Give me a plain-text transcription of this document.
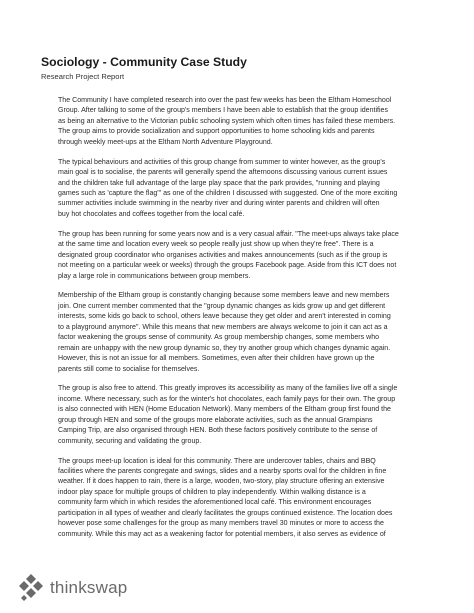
Sociology - Community Case Study
Research Project Report

The Community I have completed research into over the past few weeks has been the Eltham Homeschool
Group. After talking to some of the group's members I have been able to establish that the group identifies
as being an alternative to the Victorian public schooling system which often times has failed these members.
The group aims to provide socialization and support opportunities to home schooling kids and parents
through weekly meet-ups at the Eltham North Adventure Playground.

The typical behaviours and activities of this group change from summer to winter however, as the group's
main goal is to socialise, the parents will generally spend the afternoons discussing various current issues
and the children take full advantage of the large play space that the park provides, "running and playing
games such as 'capture the flag'" as one of the children I discussed with suggested. One of the more exciting
summer activities include swimming in the nearby river and during winter parents and children will often
buy hot chocolates and coffees together from the local café.

The group has been running for some years now and is a very casual affair. "The meet-ups always take place
at the same time and location every week so people really just show up when they're free". There is a
designated group coordinator who organises activities and makes announcements (such as if the group is
not meeting on a particular week or weeks) through the groups Facebook page. Aside from this ICT does not
play a large role in communications between group members.

Membership of the Eltham group is constantly changing because some members leave and new members
join. One current member commented that the "group dynamic changes as kids grow up and get different
interests, some kids go back to school, others leave because they get older and aren't interested in coming
to a playground anymore". While this means that new members are always welcome to join it can act as a
factor weakening the groups sense of community. As group membership changes, some members who
remain are unhappy with the new group dynamic so, they try another group which changes dynamic again.
However, this is not an issue for all members. Sometimes, even after their children have grown up the
parents still come to socialise for themselves.

The group is also free to attend. This greatly improves its accessibility as many of the families live off a single
income. Where necessary, such as for the winter's hot chocolates, each family pays for their own. The group
is also connected with HEN (Home Education Network). Many members of the Eltham group first found the
group through HEN and some of the groups more elaborate activities, such as the annual Grampians
Camping Trip, are also organised through HEN. Both these factors positively contribute to the sense of
community, securing and validating the group.

The groups meet-up location is ideal for this community. There are undercover tables, chairs and BBQ
facilities where the parents congregate and swings, slides and a nearby sports oval for the children in fine
weather. If it does happen to rain, there is a large, wooden, two-story, play structure offering an extensive
indoor play space for multiple groups of children to play independently. Within walking distance is a
community farm which in which resides the aforementioned local café. This environment encourages
participation in all types of weather and clearly facilitates the groups continued existence. The location does
however pose some challenges for the group as many members travel 30 minutes or more to access the
community. While this may act as a weakening factor for potential members, it also serves as evidence of

thinkswap
